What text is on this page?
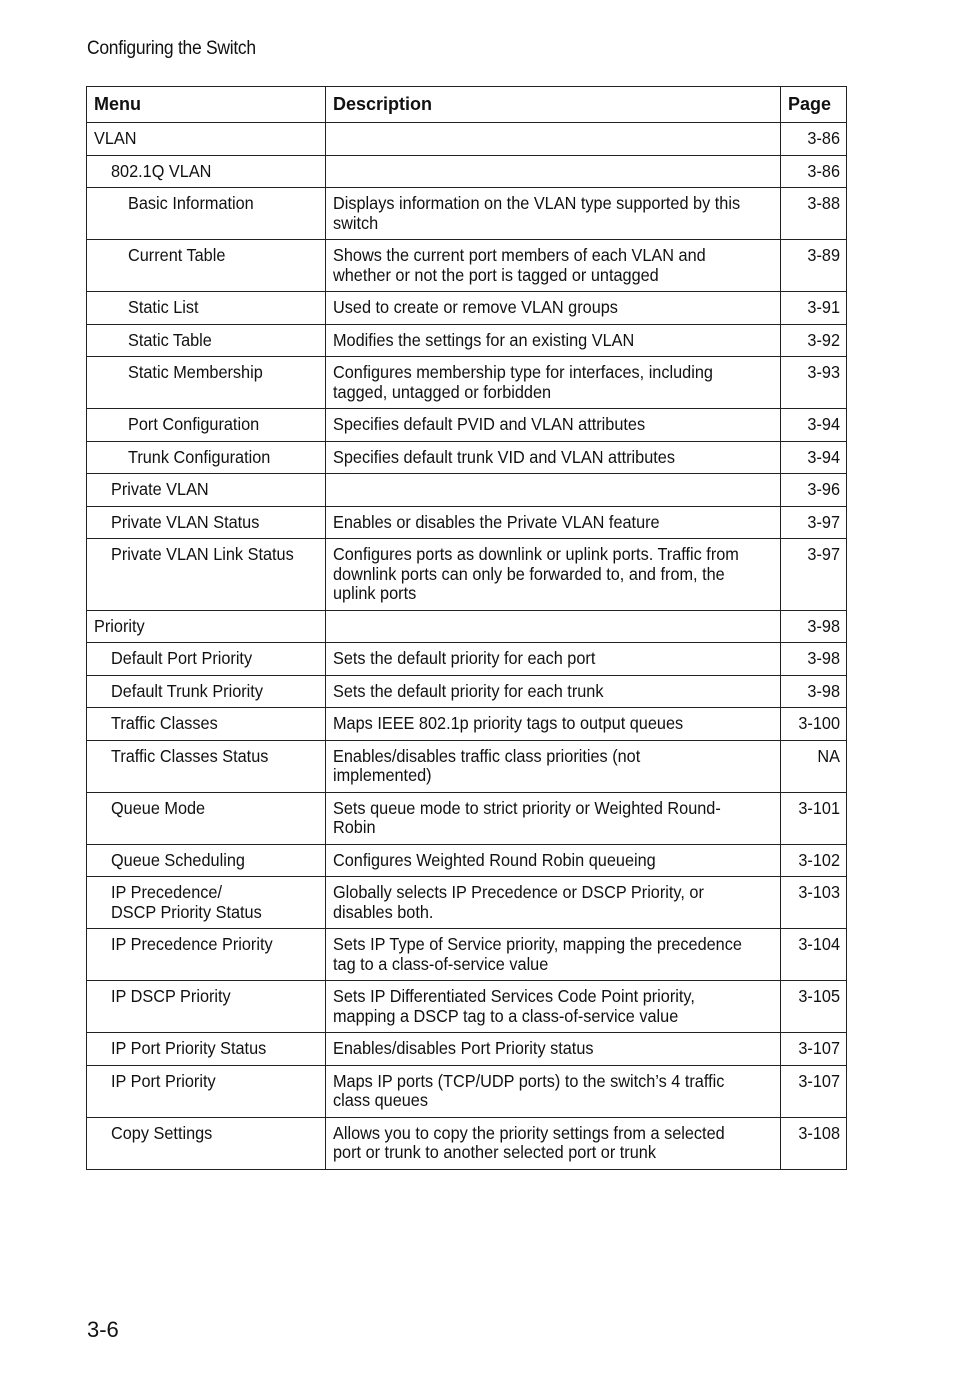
Configuring the Switch
Menu	Description	Page

VLAN		3-86

802.1Q VLAN		3-86

Basic Information	Displays information on the VLAN type supported by this switch	3-88

Current Table	Shows the current port members of each VLAN and whether or not the port is tagged or untagged	3-89

Static List	Used to create or remove VLAN groups	3-91

Static Table	Modifies the settings for an existing VLAN	3-92

Static Membership	Configures membership type for interfaces, including tagged, untagged or forbidden	3-93

Port Configuration	Specifies default PVID and VLAN attributes	3-94

Trunk Configuration	Specifies default trunk VID and VLAN attributes	3-94

Private VLAN		3-96

Private VLAN Status	Enables or disables the Private VLAN feature	3-97

Private VLAN Link Status	Configures ports as downlink or uplink ports. Traffic from downlink ports can only be forwarded to, and from, the uplink ports	3-97

Priority		3-98

Default Port Priority	Sets the default priority for each port	3-98

Default Trunk Priority	Sets the default priority for each trunk	3-98

Traffic Classes	Maps IEEE 802.1p priority tags to output queues	3-100

Traffic Classes Status	Enables/disables traffic class priorities (not implemented)	NA

Queue Mode	Sets queue mode to strict priority or Weighted Round-Robin	3-101

Queue Scheduling	Configures Weighted Round Robin queueing	3-102

IP Precedence/
DSCP Priority Status	Globally selects IP Precedence or DSCP Priority, or disables both.	3-103

IP Precedence Priority	Sets IP Type of Service priority, mapping the precedence tag to a class-of-service value	3-104

IP DSCP Priority	Sets IP Differentiated Services Code Point priority, mapping a DSCP tag to a class-of-service value	3-105

IP Port Priority Status	Enables/disables Port Priority status	3-107

IP Port Priority	Maps IP ports (TCP/UDP ports) to the switch’s 4 traffic class queues	3-107

Copy Settings	Allows you to copy the priority settings from a selected port or trunk to another selected port or trunk	3-108
3-6
